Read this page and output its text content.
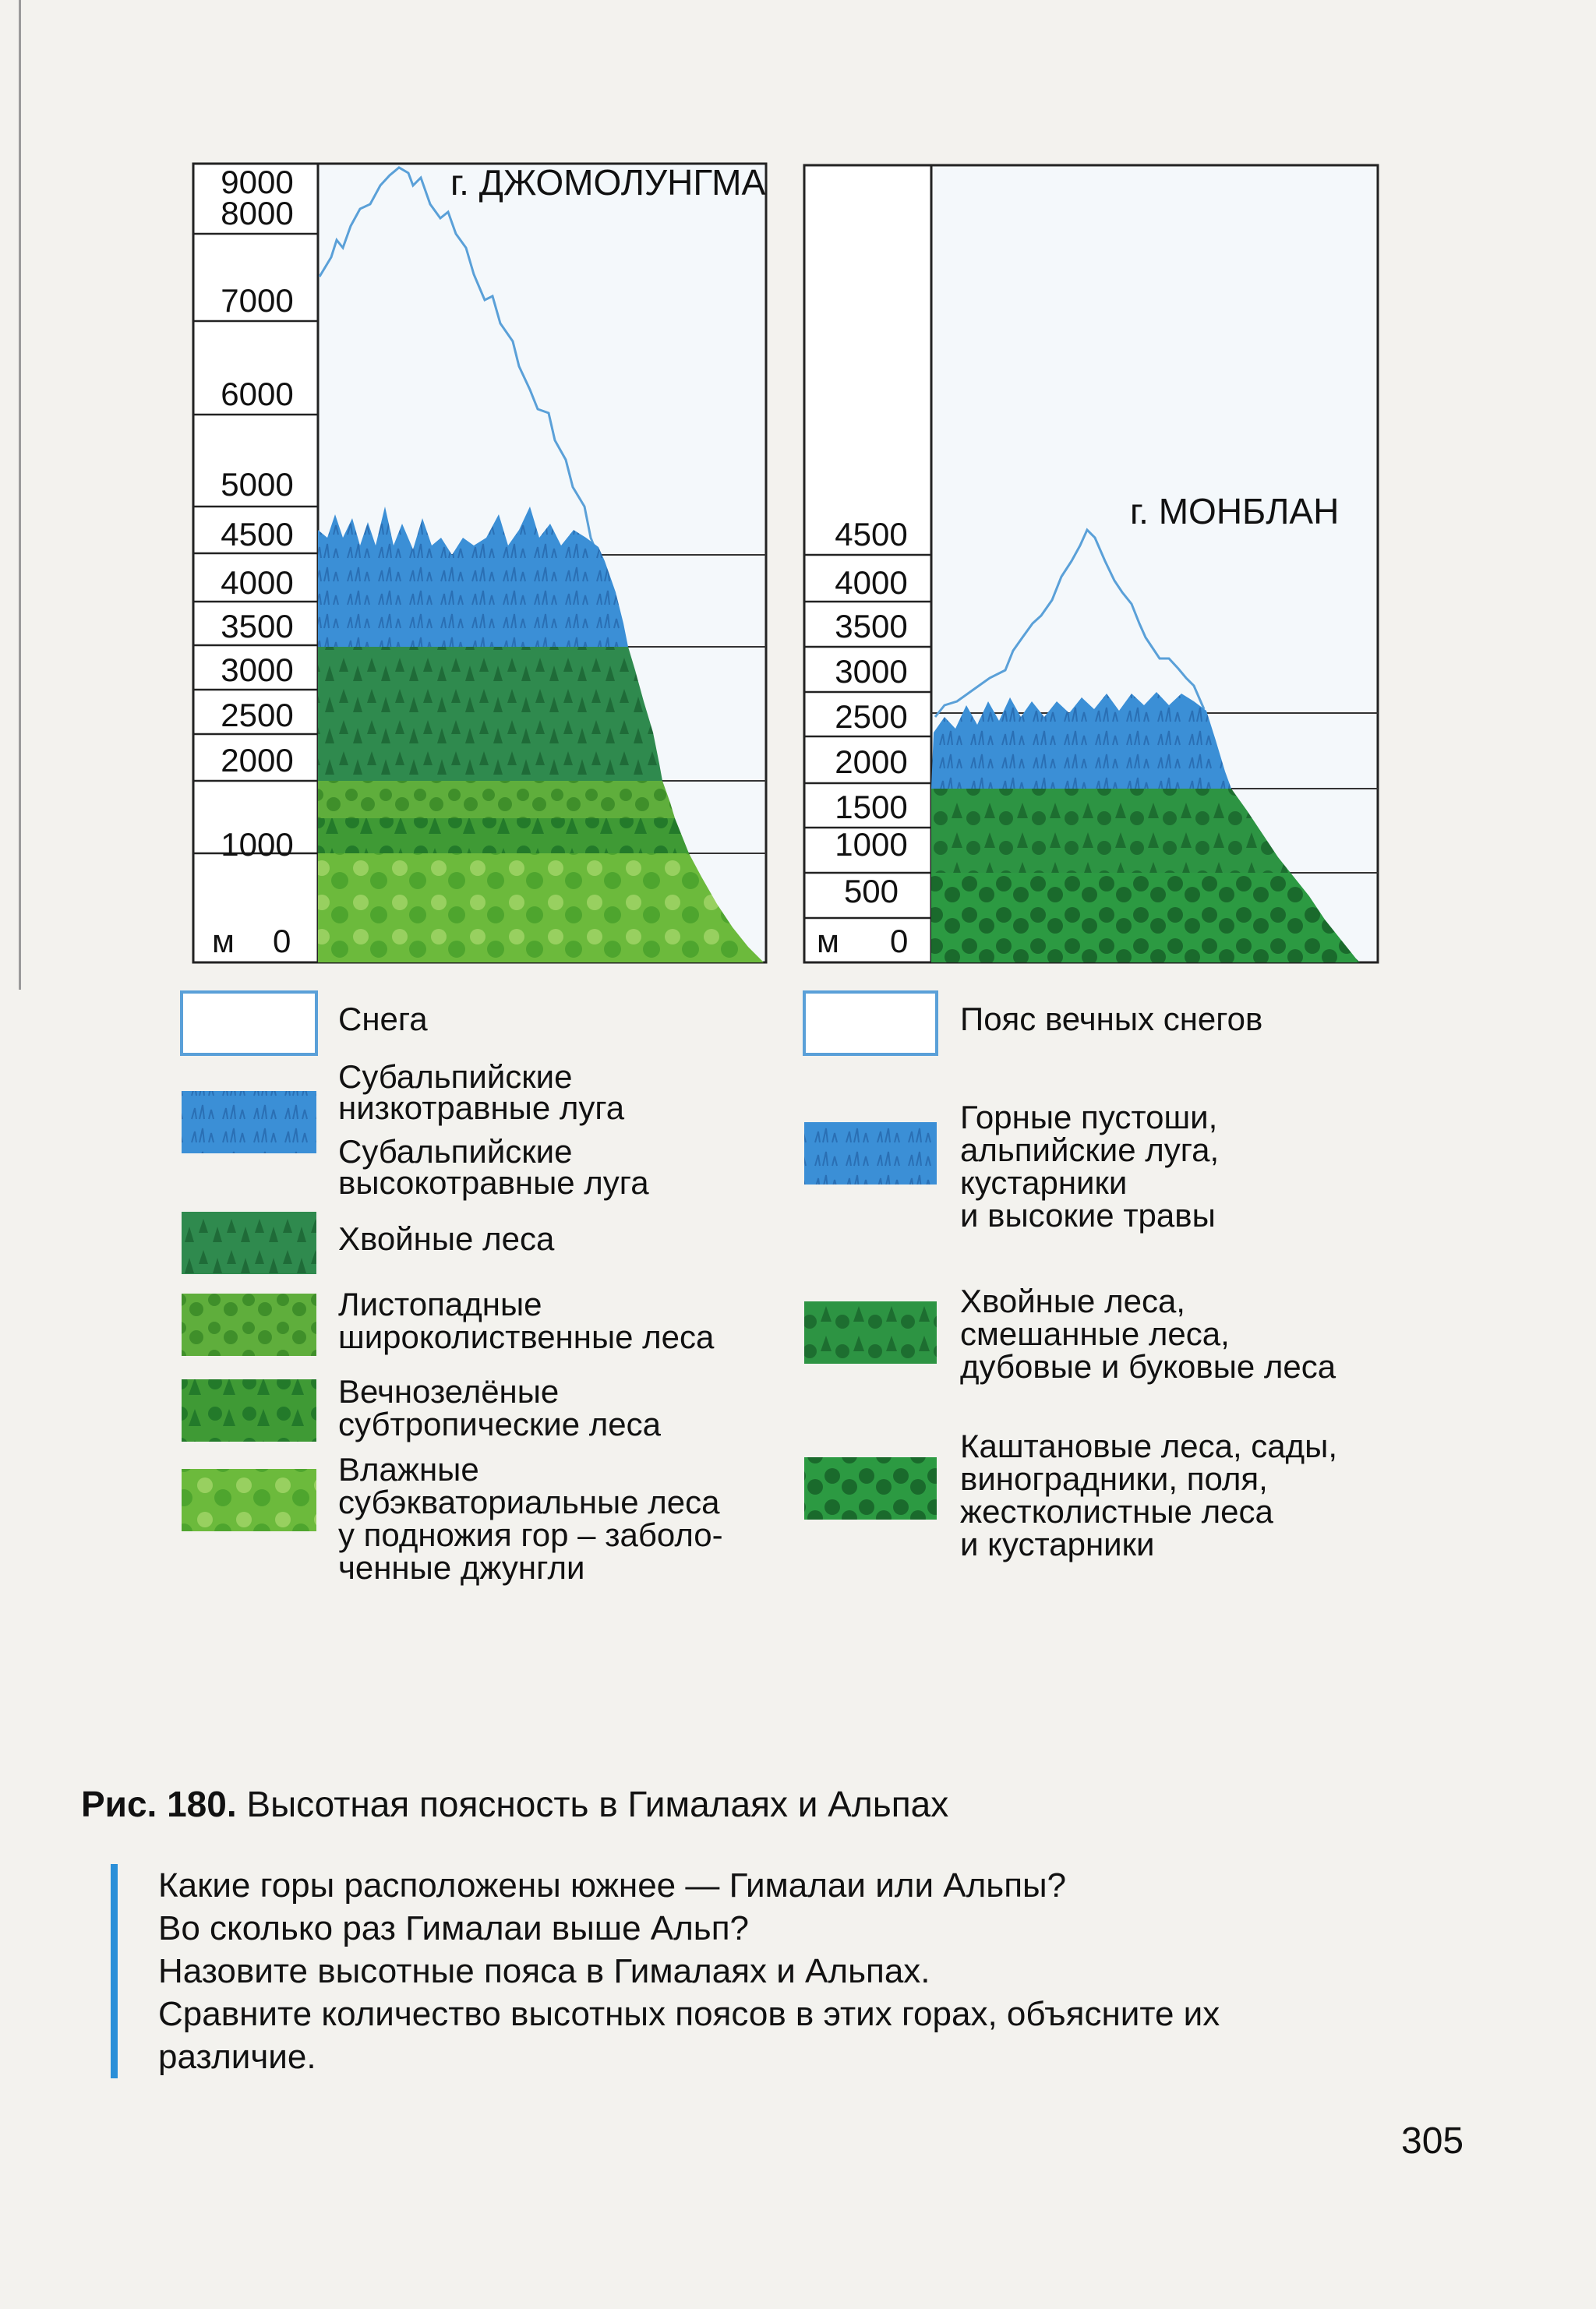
9000
8000
7000
6000
5000
4500
4000
3500
3000
2500
2000
1000
м 0
г. ДЖОМОЛУНГМА
4500
4000
3500
3000
2500
2000
1500
1000
500
м 0
г. МОНБЛАН
Снега
Субальпийские
низкотравные луга
Субальпийские
высокотравные луга
Хвойные леса
Листопадные
широколиственные леса
Вечнозелёные
субтропические леса
Влажные
субэкваториальные леса
у подножия гор – заболо-
ченные джунгли
Пояс вечных снегов
Горные пустоши,
альпийские луга,
кустарники
и высокие травы
Хвойные леса,
смешанные леса,
дубовые и буковые леса
Каштановые леса, сады,
виноградники, поля,
жестколистные леса
и кустарники
Рис. 180. Высотная поясность в Гималаях и Альпах
Какие горы расположены южнее — Гималаи или Альпы?
Во сколько раз Гималаи выше Альп?
Назовите высотные пояса в Гималаях и Альпах.
Сравните количество высотных поясов в этих горах, объясните их
различие.
305
